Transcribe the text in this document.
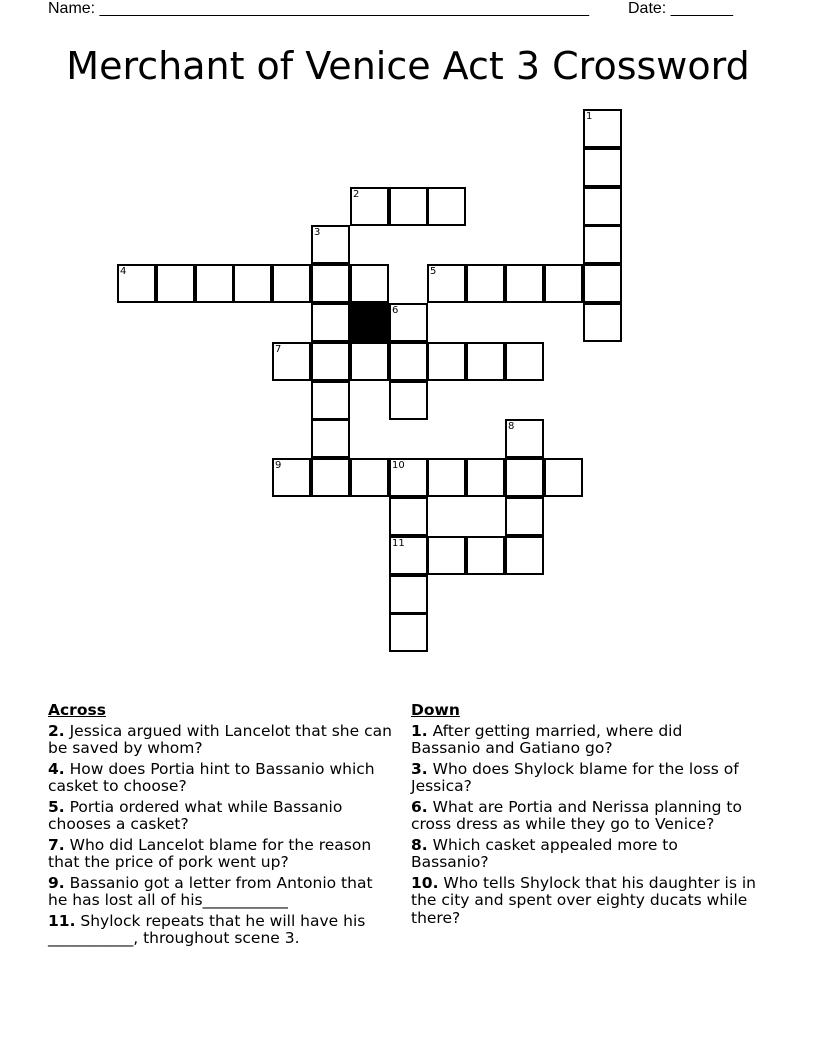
Name: _______________________________________________________ Date: _______
Merchant of Venice Act 3 Crossword
1
2
3
4	5
6
7
8
9	10
11
Across
2. Jessica argued with Lancelot that she can be saved by whom?
4. How does Portia hint to Bassanio which casket to choose?
5. Portia ordered what while Bassanio chooses a casket?
7. Who did Lancelot blame for the reason that the price of pork went up?
9. Bassanio got a letter from Antonio that he has lost all of his___________
11. Shylock repeats that he will have his ___________, throughout scene 3.
Down
1. After getting married, where did Bassanio and Gatiano go?
3. Who does Shylock blame for the loss of Jessica?
6. What are Portia and Nerissa planning to cross dress as while they go to Venice?
8. Which casket appealed more to Bassanio?
10. Who tells Shylock that his daughter is in the city and spent over eighty ducats while there?
